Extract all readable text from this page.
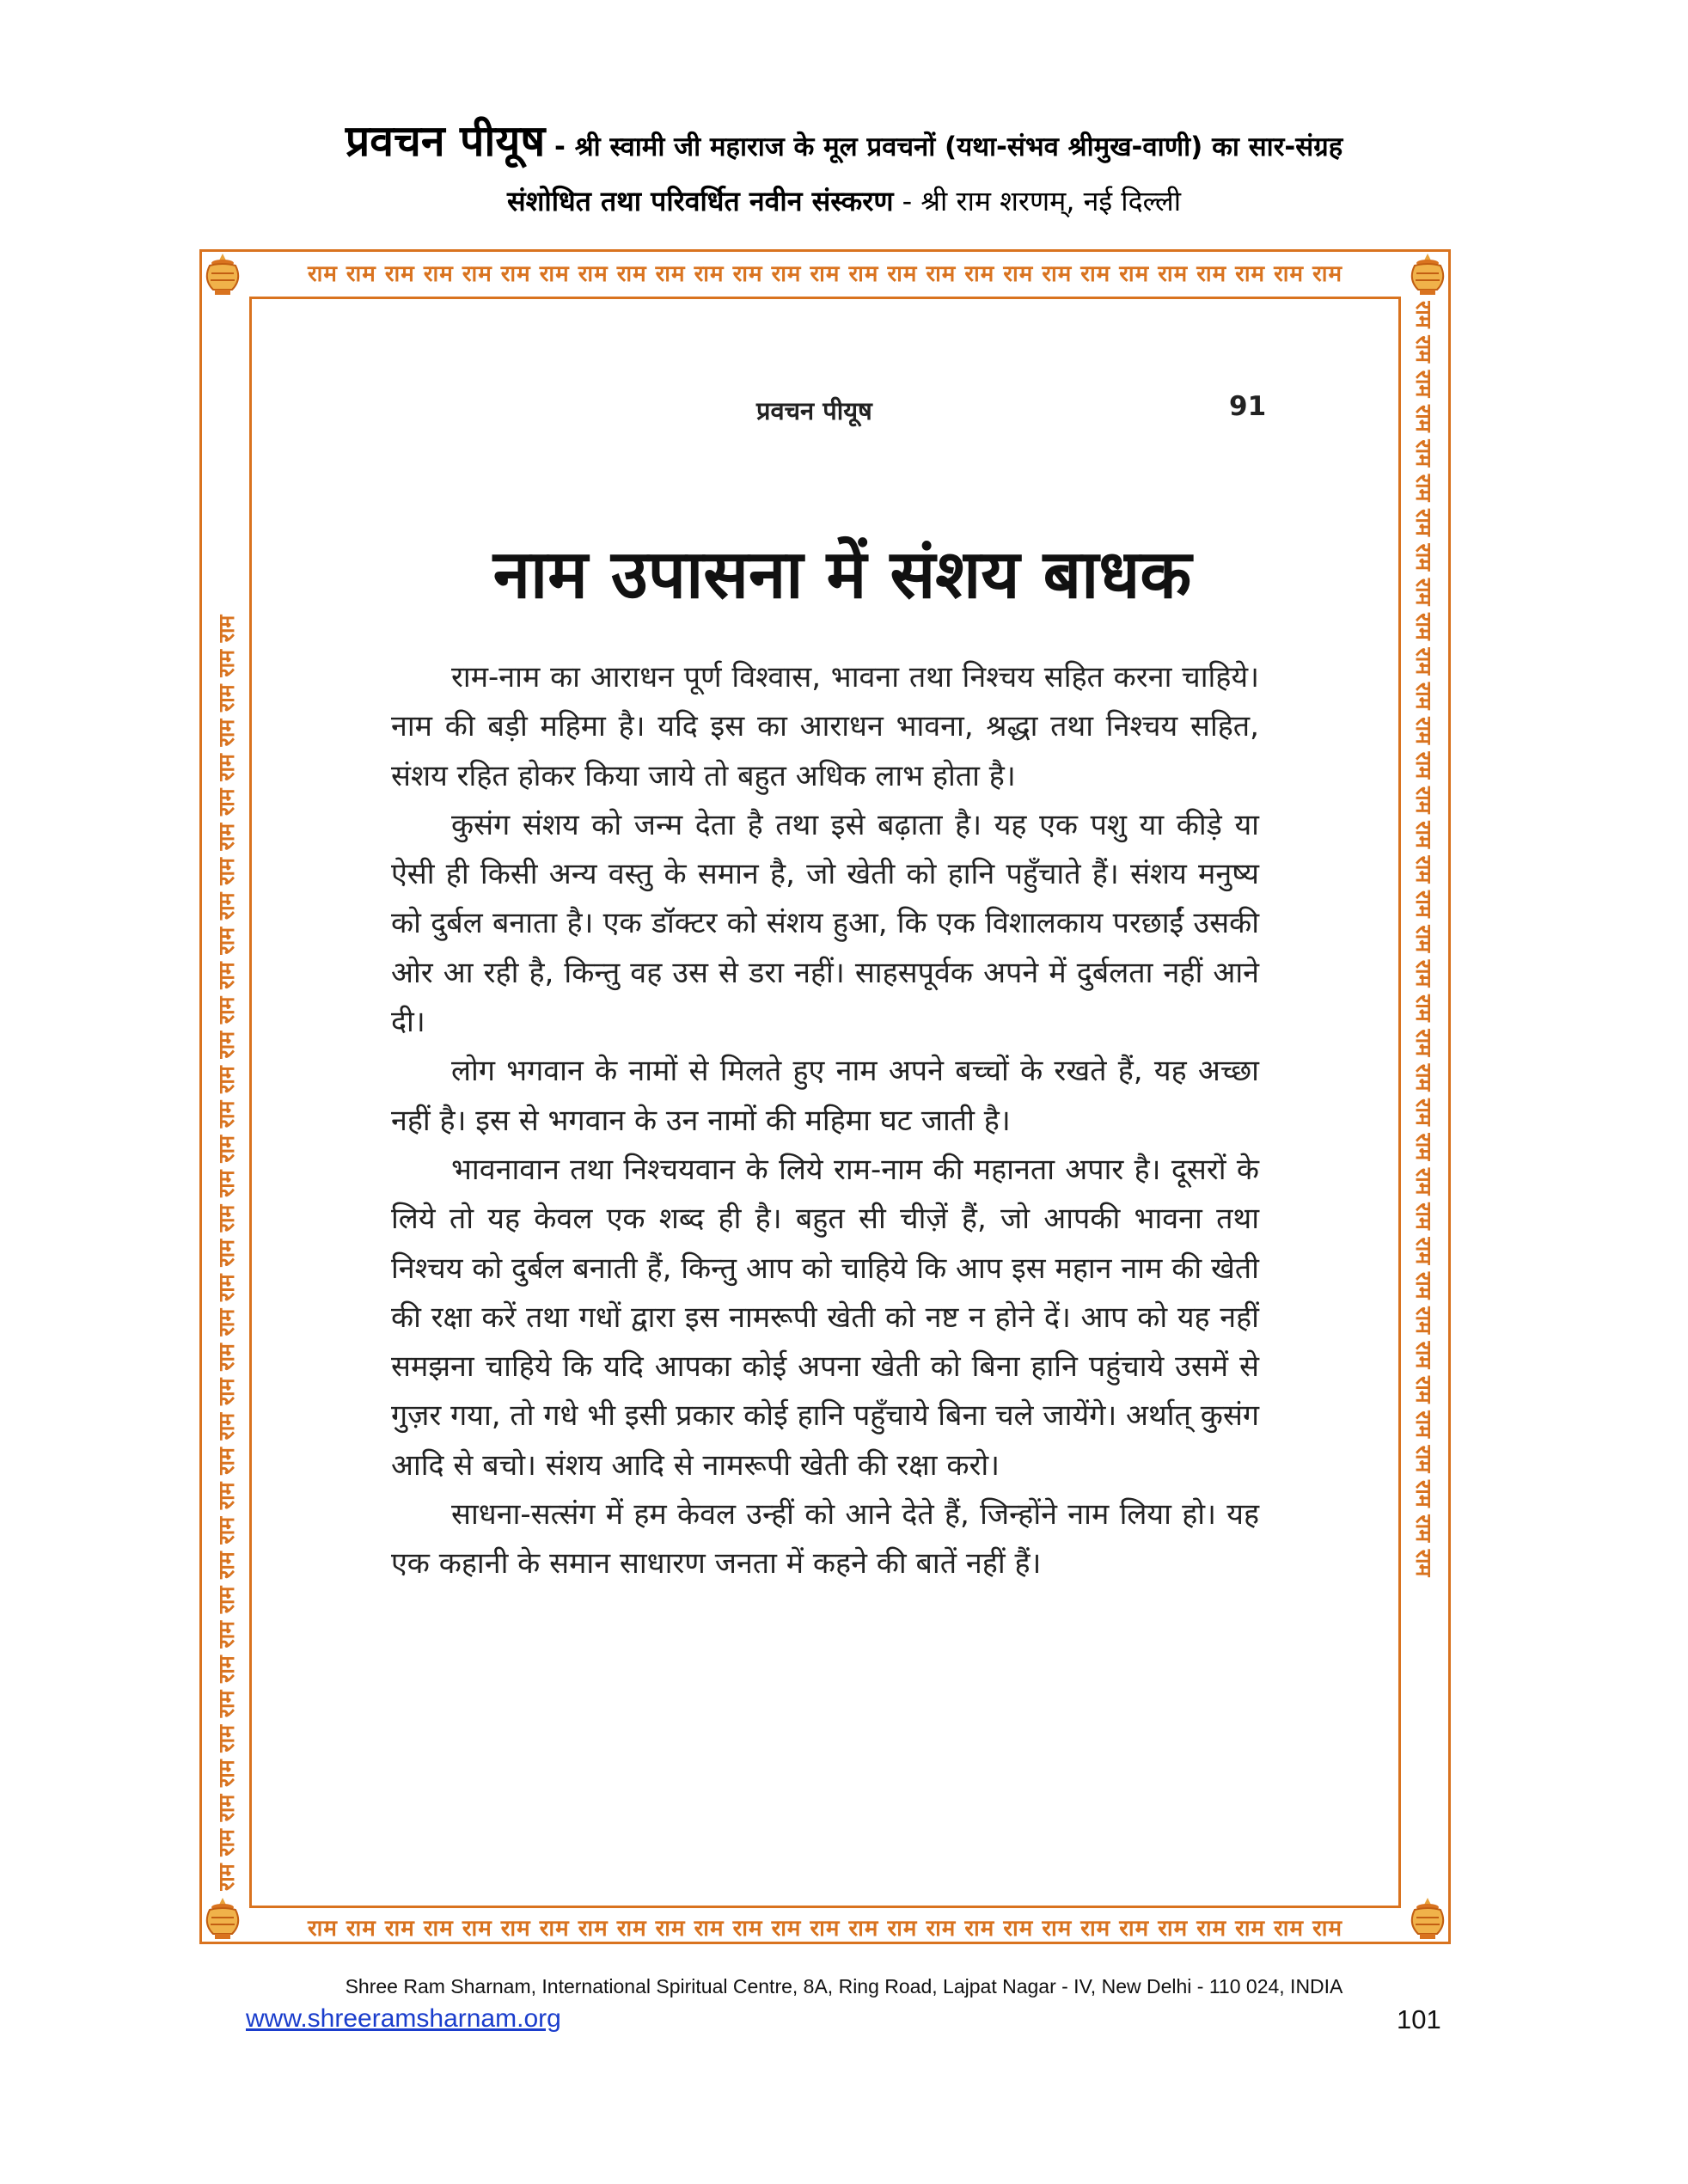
प्रवचन पीयूष - श्री स्वामी जी महाराज के मूल प्रवचनों (यथा-संभव श्रीमुख-वाणी) का सार-संग्रह
संशोधित तथा परिवर्धित नवीन संस्करण - श्री राम शरणम्, नई दिल्ली
राम राम राम राम राम राम राम राम राम राम राम राम राम राम राम राम राम राम राम राम राम राम राम राम राम राम राम
राम राम राम राम राम राम राम राम राम राम राम राम राम राम राम राम राम राम राम राम राम राम राम राम राम राम राम
राम राम राम राम राम राम राम राम राम राम राम राम राम राम राम राम राम राम राम राम राम राम राम राम राम राम राम राम राम राम राम राम राम राम राम राम राम	राम राम राम राम राम राम राम राम राम राम राम राम राम राम राम राम राम राम राम राम राम राम राम राम राम राम राम राम राम राम राम राम राम राम राम राम राम
प्रवचन पीयूष	91
नाम उपासना में संशय बाधक

राम-नाम का आराधन पूर्ण विश्वास, भावना तथा निश्चय सहित करना चाहिये। नाम की बड़ी महिमा है। यदि इस का आराधन भावना, श्रद्धा तथा निश्चय सहित, संशय रहित होकर किया जाये तो बहुत अधिक लाभ होता है।

कुसंग संशय को जन्म देता है तथा इसे बढ़ाता है। यह एक पशु या कीड़े या ऐसी ही किसी अन्य वस्तु के समान है, जो खेती को हानि पहुँचाते हैं। संशय मनुष्य को दुर्बल बनाता है। एक डॉक्टर को संशय हुआ, कि एक विशालकाय परछाईं उसकी ओर आ रही है, किन्तु वह उस से डरा नहीं। साहसपूर्वक अपने में दुर्बलता नहीं आने दी।

लोग भगवान के नामों से मिलते हुए नाम अपने बच्चों के रखते हैं, यह अच्छा नहीं है। इस से भगवान के उन नामों की महिमा घट जाती है।

भावनावान तथा निश्चयवान के लिये राम-नाम की महानता अपार है। दूसरों के लिये तो यह केवल एक शब्द ही है। बहुत सी चीज़ें हैं, जो आपकी भावना तथा निश्चय को दुर्बल बनाती हैं, किन्तु आप को चाहिये कि आप इस महान नाम की खेती की रक्षा करें तथा गधों द्वारा इस नामरूपी खेती को नष्ट न होने दें। आप को यह नहीं समझना चाहिये कि यदि आपका कोई अपना खेती को बिना हानि पहुंचाये उसमें से गुज़र गया, तो गधे भी इसी प्रकार कोई हानि पहुँचाये बिना चले जायेंगे। अर्थात् कुसंग आदि से बचो। संशय आदि से नामरूपी खेती की रक्षा करो।

साधना-सत्संग में हम केवल उन्हीं को आने देते हैं, जिन्होंने नाम लिया हो। यह एक कहानी के समान साधारण जनता में कहने की बातें नहीं हैं।

Shree Ram Sharnam, International Spiritual Centre, 8A, Ring Road, Lajpat Nagar - IV, New Delhi - 110 024, INDIA
www.shreeramsharnam.org	101
